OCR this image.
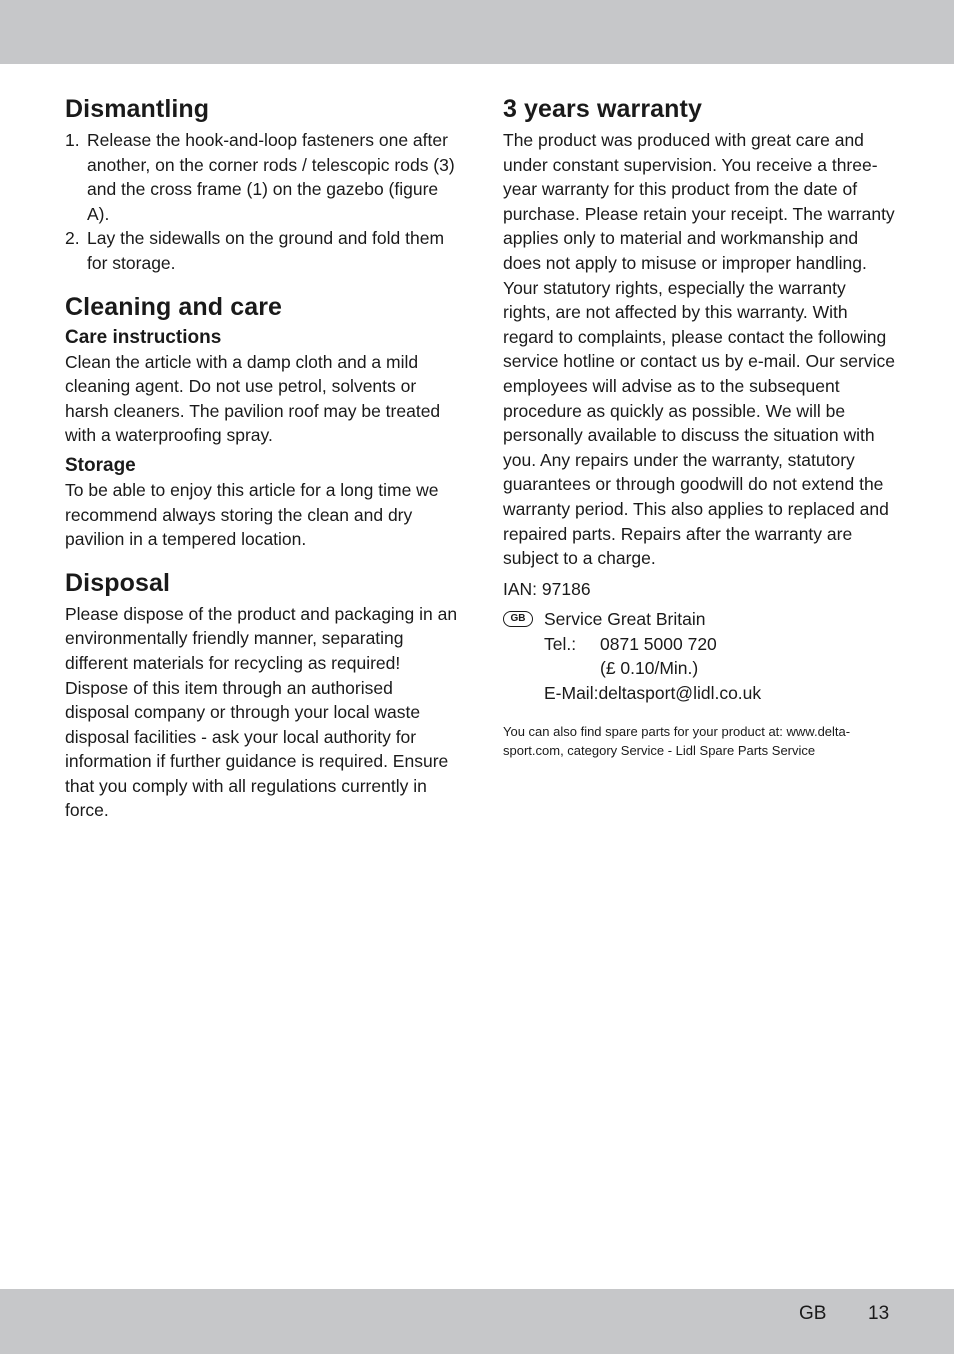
Dismantling
1. Release the hook-and-loop fasteners one after another, on the corner rods / telescopic rods (3) and the cross frame (1) on the gazebo (figure A).
2. Lay the sidewalls on the ground and fold them for storage.
Cleaning and care
Care instructions

Clean the article with a damp cloth and a mild cleaning agent. Do not use petrol, solvents or harsh cleaners. The pavilion roof may be treated with a waterproofing spray.

Storage

To be able to enjoy this article for a long time we recommend always storing the clean and dry pavilion in a tempered location.

Disposal

Please dispose of the product and packaging in an environmentally friendly manner, separating different materials for recycling as required! Dispose of this item through an authorised disposal company or through your local waste disposal facilities - ask your local authority for information if further guidance is required. Ensure that you comply with all regulations currently in force.

3 years warranty

The product was produced with great care and under constant supervision. You receive a three-year warranty for this product from the date of purchase. Please retain your receipt. The warranty applies only to material and workmanship and does not apply to misuse or improper handling. Your statutory rights, especially the warranty rights, are not affected by this warranty. With regard to complaints, please contact the following service hotline or contact us by e-mail. Our service employees will advise as to the subsequent procedure as quickly as possible. We will be personally available to discuss the situation with you. Any repairs under the warranty, statutory guarantees or through goodwill do not extend the warranty period. This also applies to replaced and repaired parts. Repairs after the warranty are subject to a charge.

IAN: 97186

GB	Service Great Britain
Tel.:	0871 5000 720
(£ 0.10/Min.)
E-Mail:deltasport@lidl.co.uk

You can also find spare parts for your product at: www.delta-sport.com, category Service - Lidl Spare Parts Service

GB 13
